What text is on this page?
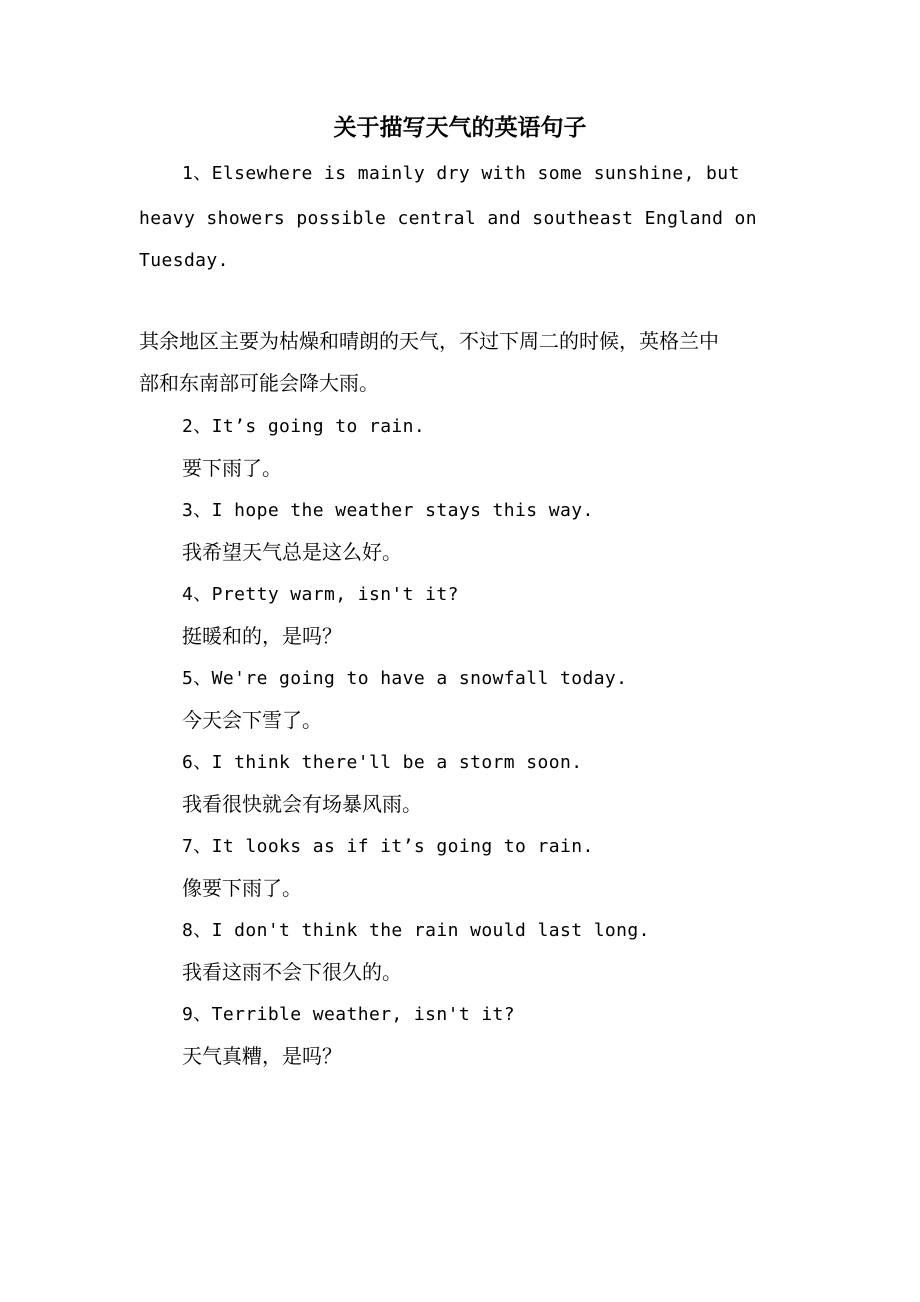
关于描写天气的英语句子

1、Elsewhere is mainly dry with some sunshine, but

heavy showers possible central and southeast England on

Tuesday.

其余地区主要为枯燥和晴朗的天气，不过下周二的时候，英格兰中

部和东南部可能会降大雨。

2、It’s going to rain.

要下雨了。

3、I hope the weather stays this way.

我希望天气总是这么好。

4、Pretty warm, isn't it?

挺暖和的，是吗？

5、We're going to have a snowfall today.

今天会下雪了。

6、I think there'll be a storm soon.

我看很快就会有场暴风雨。

7、It looks as if it’s going to rain.

像要下雨了。

8、I don't think the rain would last long.

我看这雨不会下很久的。

9、Terrible weather, isn't it?

天气真糟，是吗？
